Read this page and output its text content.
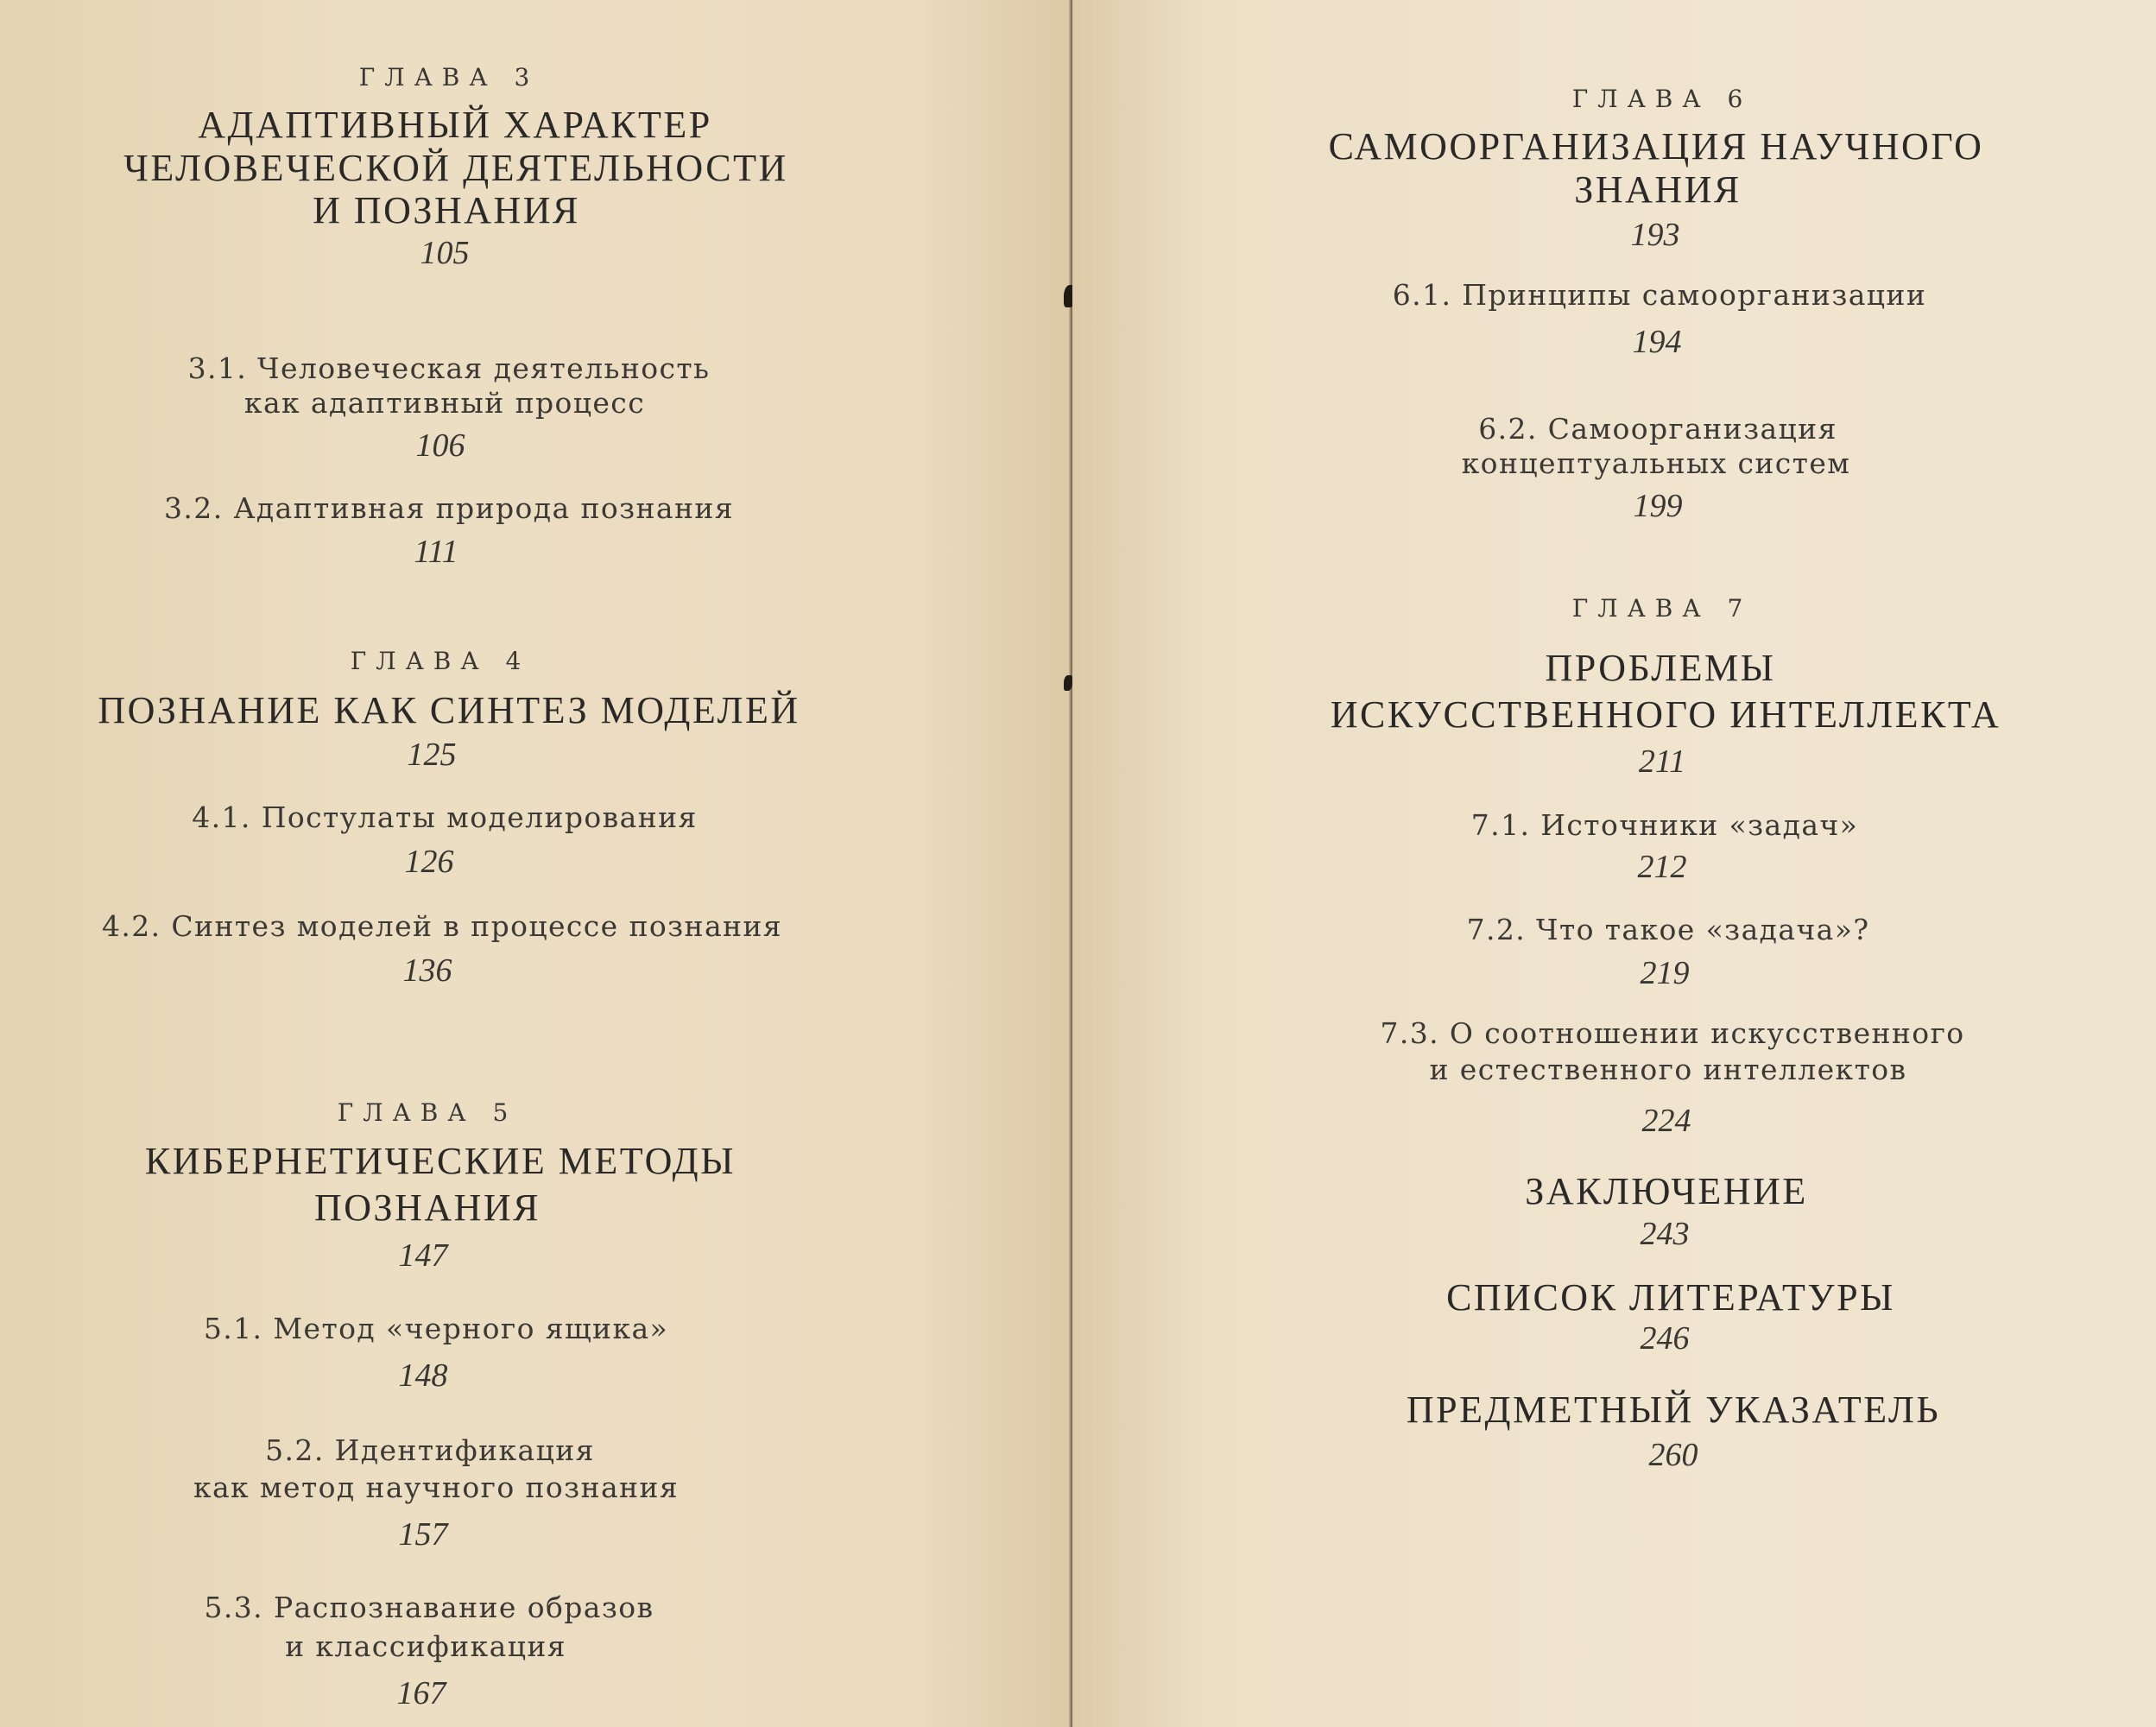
ГЛАВА 3

АДАПТИВНЫЙ ХАРАКТЕР

ЧЕЛОВЕЧЕСКОЙ ДЕЯТЕЛЬНОСТИ

И ПОЗНАНИЯ

105

3.1. Человеческая деятельность

как адаптивный процесс

106

3.2. Адаптивная природа познания

111

ГЛАВА 4

ПОЗНАНИЕ КАК СИНТЕЗ МОДЕЛЕЙ

125

4.1. Постулаты моделирования

126

4.2. Синтез моделей в процессе познания

136

ГЛАВА 5

КИБЕРНЕТИЧЕСКИЕ МЕТОДЫ

ПОЗНАНИЯ

147

5.1. Метод «черного ящика»

148

5.2. Идентификация

как метод научного познания

157

5.3. Распознавание образов

и классификация

167

ГЛАВА 6

САМООРГАНИЗАЦИЯ НАУЧНОГО

ЗНАНИЯ

193

6.1. Принципы самоорганизации

194

6.2. Самоорганизация

концептуальных систем

199

ГЛАВА 7

ПРОБЛЕМЫ

ИСКУССТВЕННОГО ИНТЕЛЛЕКТА

211

7.1. Источники «задач»

212

7.2. Что такое «задача»?

219

7.3. О соотношении искусственного

и естественного интеллектов

224

ЗАКЛЮЧЕНИЕ

243

СПИСОК ЛИТЕРАТУРЫ

246

ПРЕДМЕТНЫЙ УКАЗАТЕЛЬ

260
